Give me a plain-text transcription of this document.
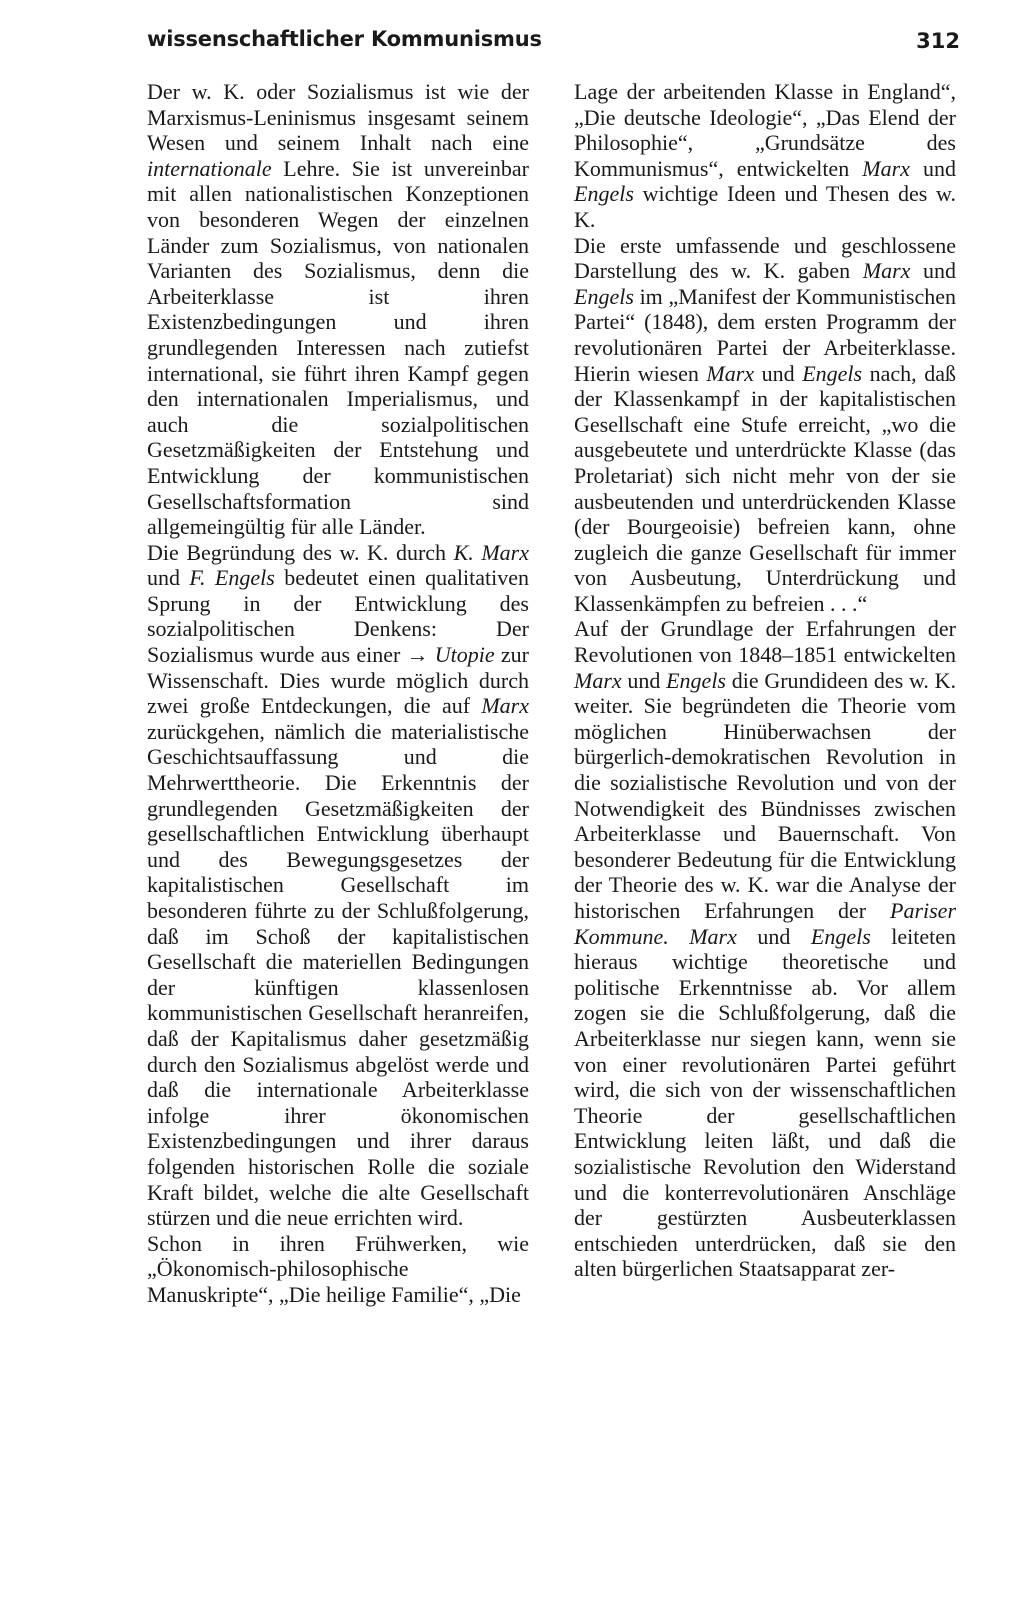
wissenschaftlicher Kommunismus	312

Der w. K. oder Sozialismus ist wie der Marxismus-Leninismus insgesamt seinem Wesen und seinem Inhalt nach eine internationale Lehre. Sie ist unvereinbar mit allen nationalistischen Konzeptionen von besonderen Wegen der einzelnen Länder zum Sozialismus, von nationalen Varianten des Sozialismus, denn die Arbeiterklasse ist ihren Existenzbedingungen und ihren grundlegenden Interessen nach zutiefst international, sie führt ihren Kampf gegen den internationalen Imperialismus, und auch die sozialpolitischen Gesetzmäßigkeiten der Entstehung und Entwicklung der kommunistischen Gesellschaftsformation sind allgemeingültig für alle Länder.

Die Begründung des w. K. durch K. Marx und F. Engels bedeutet einen qualitativen Sprung in der Entwicklung des sozialpolitischen Denkens: Der Sozialismus wurde aus einer → Utopie zur Wissenschaft. Dies wurde möglich durch zwei große Entdeckungen, die auf Marx zurückgehen, nämlich die materialistische Geschichtsauffassung und die Mehrwerttheorie. Die Erkenntnis der grundlegenden Gesetzmäßigkeiten der gesellschaftlichen Entwicklung überhaupt und des Bewegungsgesetzes der kapitalistischen Gesellschaft im besonderen führte zu der Schlußfolgerung, daß im Schoß der kapitalistischen Gesellschaft die materiellen Bedingungen der künftigen klassenlosen kommunistischen Gesellschaft heranreifen, daß der Kapitalismus daher gesetzmäßig durch den Sozialismus abgelöst werde und daß die internationale Arbeiterklasse infolge ihrer ökonomischen Existenzbedingungen und ihrer daraus folgenden historischen Rolle die soziale Kraft bildet, welche die alte Gesellschaft stürzen und die neue errichten wird.

Schon in ihren Frühwerken, wie „Ökonomisch-philosophische Manuskripte“, „Die heilige Familie“, „Die

Lage der arbeitenden Klasse in England“, „Die deutsche Ideologie“, „Das Elend der Philosophie“, „Grundsätze des Kommunismus“, entwickelten Marx und Engels wichtige Ideen und Thesen des w. K.

Die erste umfassende und geschlossene Darstellung des w. K. gaben Marx und Engels im „Manifest der Kommunistischen Partei“ (1848), dem ersten Programm der revolutionären Partei der Arbeiterklasse. Hierin wiesen Marx und Engels nach, daß der Klassenkampf in der kapitalistischen Gesellschaft eine Stufe erreicht, „wo die ausgebeutete und unterdrückte Klasse (das Proletariat) sich nicht mehr von der sie ausbeutenden und unterdrückenden Klasse (der Bourgeoisie) befreien kann, ohne zugleich die ganze Gesellschaft für immer von Ausbeutung, Unterdrückung und Klassenkämpfen zu befreien . . .“

Auf der Grundlage der Erfahrungen der Revolutionen von 1848–1851 entwickelten Marx und Engels die Grundideen des w. K. weiter. Sie begründeten die Theorie vom möglichen Hinüberwachsen der bürgerlich-demokratischen Revolution in die sozialistische Revolution und von der Notwendigkeit des Bündnisses zwischen Arbeiterklasse und Bauernschaft. Von besonderer Bedeutung für die Entwicklung der Theorie des w. K. war die Analyse der historischen Erfahrungen der Pariser Kommune. Marx und Engels leiteten hieraus wichtige theoretische und politische Erkenntnisse ab. Vor allem zogen sie die Schlußfolgerung, daß die Arbeiterklasse nur siegen kann, wenn sie von einer revolutionären Partei geführt wird, die sich von der wissenschaftlichen Theorie der gesellschaftlichen Entwicklung leiten läßt, und daß die sozialistische Revolution den Widerstand und die konterrevolutionären Anschläge der gestürzten Ausbeuterklassen entschieden unterdrücken, daß sie den alten bürgerlichen Staatsapparat zer-
